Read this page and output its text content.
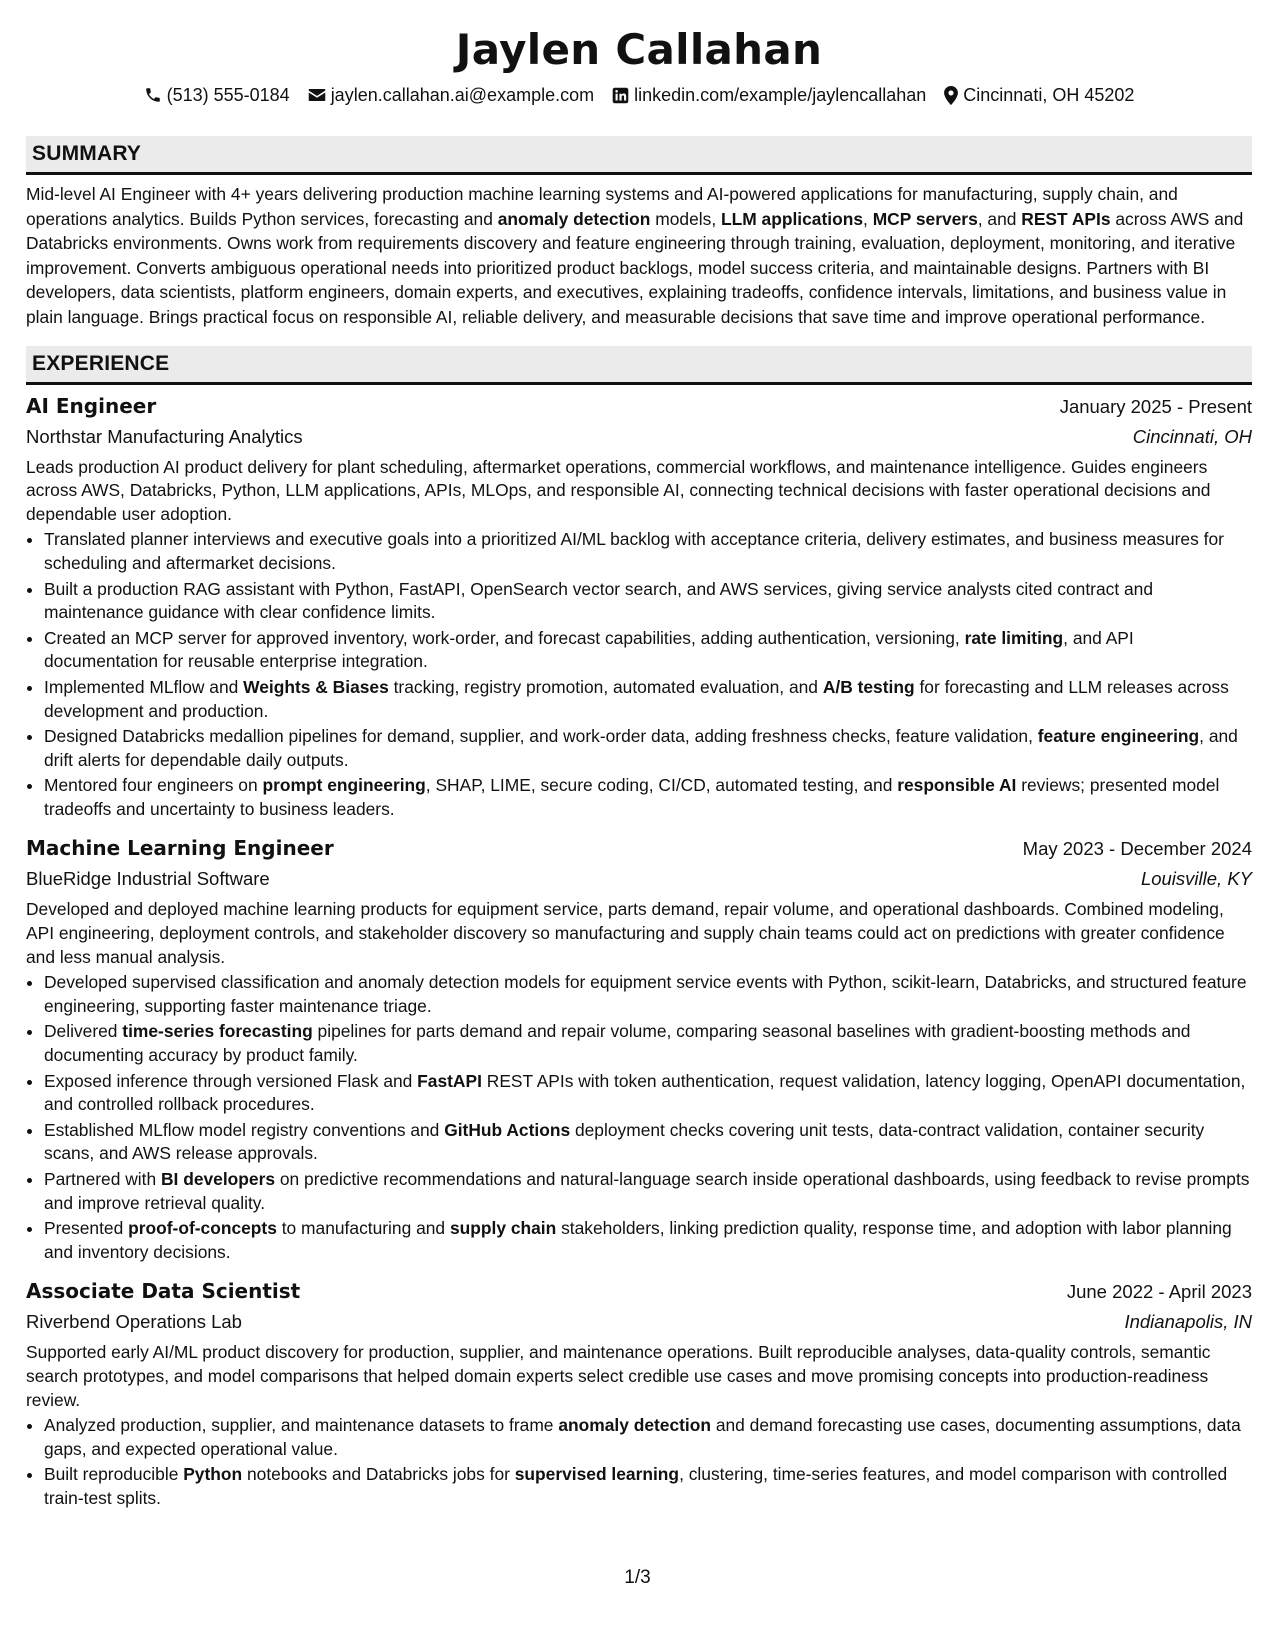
Jaylen Callahan
(513) 555-0184 jaylen.callahan.ai@example.com linkedin.com/example/jaylencallahan Cincinnati, OH 45202
SUMMARY
Mid-level AI Engineer with 4+ years delivering production machine learning systems and AI-powered applications for manufacturing, supply chain, and operations analytics. Builds Python services, forecasting and anomaly detection models, LLM applications, MCP servers, and REST APIs across AWS and Databricks environments. Owns work from requirements discovery and feature engineering through training, evaluation, deployment, monitoring, and iterative improvement. Converts ambiguous operational needs into prioritized product backlogs, model success criteria, and maintainable designs. Partners with BI developers, data scientists, platform engineers, domain experts, and executives, explaining tradeoffs, confidence intervals, limitations, and business value in plain language. Brings practical focus on responsible AI, reliable delivery, and measurable decisions that save time and improve operational performance.
EXPERIENCE
AI Engineer	January 2025 - Present
Northstar Manufacturing Analytics	Cincinnati, OH
Leads production AI product delivery for plant scheduling, aftermarket operations, commercial workflows, and maintenance intelligence. Guides engineers across AWS, Databricks, Python, LLM applications, APIs, MLOps, and responsible AI, connecting technical decisions with faster operational decisions and dependable user adoption.
• Translated planner interviews and executive goals into a prioritized AI/ML backlog with acceptance criteria, delivery estimates, and business measures for scheduling and aftermarket decisions.
• Built a production RAG assistant with Python, FastAPI, OpenSearch vector search, and AWS services, giving service analysts cited contract and maintenance guidance with clear confidence limits.
• Created an MCP server for approved inventory, work-order, and forecast capabilities, adding authentication, versioning, rate limiting, and API documentation for reusable enterprise integration.
• Implemented MLflow and Weights & Biases tracking, registry promotion, automated evaluation, and A/B testing for forecasting and LLM releases across development and production.
• Designed Databricks medallion pipelines for demand, supplier, and work-order data, adding freshness checks, feature validation, feature engineering, and drift alerts for dependable daily outputs.
• Mentored four engineers on prompt engineering, SHAP, LIME, secure coding, CI/CD, automated testing, and responsible AI reviews; presented model tradeoffs and uncertainty to business leaders.
Machine Learning Engineer	May 2023 - December 2024
BlueRidge Industrial Software	Louisville, KY
Developed and deployed machine learning products for equipment service, parts demand, repair volume, and operational dashboards. Combined modeling, API engineering, deployment controls, and stakeholder discovery so manufacturing and supply chain teams could act on predictions with greater confidence and less manual analysis.
• Developed supervised classification and anomaly detection models for equipment service events with Python, scikit-learn, Databricks, and structured feature engineering, supporting faster maintenance triage.
• Delivered time-series forecasting pipelines for parts demand and repair volume, comparing seasonal baselines with gradient-boosting methods and documenting accuracy by product family.
• Exposed inference through versioned Flask and FastAPI REST APIs with token authentication, request validation, latency logging, OpenAPI documentation, and controlled rollback procedures.
• Established MLflow model registry conventions and GitHub Actions deployment checks covering unit tests, data-contract validation, container security scans, and AWS release approvals.
• Partnered with BI developers on predictive recommendations and natural-language search inside operational dashboards, using feedback to revise prompts and improve retrieval quality.
• Presented proof-of-concepts to manufacturing and supply chain stakeholders, linking prediction quality, response time, and adoption with labor planning and inventory decisions.
Associate Data Scientist	June 2022 - April 2023
Riverbend Operations Lab	Indianapolis, IN
Supported early AI/ML product discovery for production, supplier, and maintenance operations. Built reproducible analyses, data-quality controls, semantic search prototypes, and model comparisons that helped domain experts select credible use cases and move promising concepts into production-readiness review.
• Analyzed production, supplier, and maintenance datasets to frame anomaly detection and demand forecasting use cases, documenting assumptions, data gaps, and expected operational value.
• Built reproducible Python notebooks and Databricks jobs for supervised learning, clustering, time-series features, and model comparison with controlled train-test splits.
1/3
